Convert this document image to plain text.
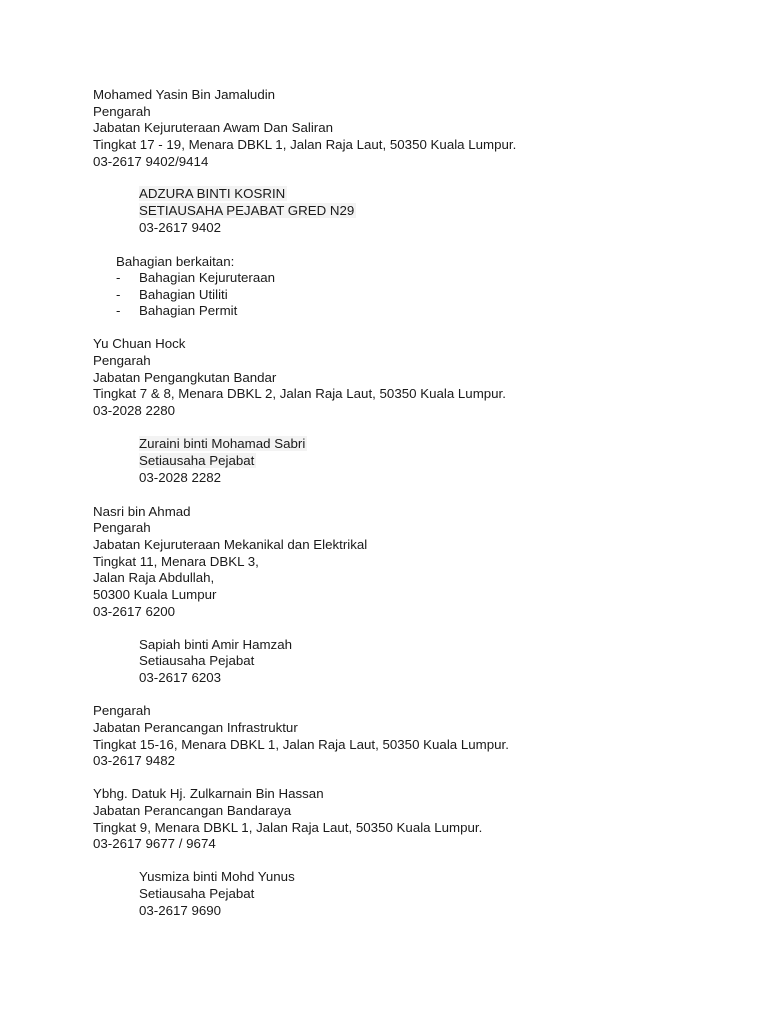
Mohamed Yasin Bin Jamaludin
Pengarah
Jabatan Kejuruteraan Awam Dan Saliran
Tingkat 17 - 19, Menara DBKL 1, Jalan Raja Laut, 50350 Kuala Lumpur.
03-2617 9402/9414
ADZURA BINTI KOSRIN
SETIAUSAHA PEJABAT GRED N29
03-2617 9402
Bahagian berkaitan:
- Bahagian Kejuruteraan
- Bahagian Utiliti
- Bahagian Permit
Yu Chuan Hock
Pengarah
Jabatan Pengangkutan Bandar
Tingkat 7 & 8, Menara DBKL 2, Jalan Raja Laut, 50350 Kuala Lumpur.
03-2028 2280
Zuraini binti Mohamad Sabri
Setiausaha Pejabat
03-2028 2282
Nasri bin Ahmad
Pengarah
Jabatan Kejuruteraan Mekanikal dan Elektrikal
Tingkat 11, Menara DBKL 3,
Jalan Raja Abdullah,
50300 Kuala Lumpur
03-2617 6200
Sapiah binti Amir Hamzah
Setiausaha Pejabat
03-2617 6203
Pengarah
Jabatan Perancangan Infrastruktur
Tingkat 15-16, Menara DBKL 1, Jalan Raja Laut, 50350 Kuala Lumpur.
03-2617 9482
Ybhg. Datuk Hj. Zulkarnain Bin Hassan
Jabatan Perancangan Bandaraya
Tingkat 9, Menara DBKL 1, Jalan Raja Laut, 50350 Kuala Lumpur.
03-2617 9677 / 9674
Yusmiza binti Mohd Yunus
Setiausaha Pejabat
03-2617 9690
